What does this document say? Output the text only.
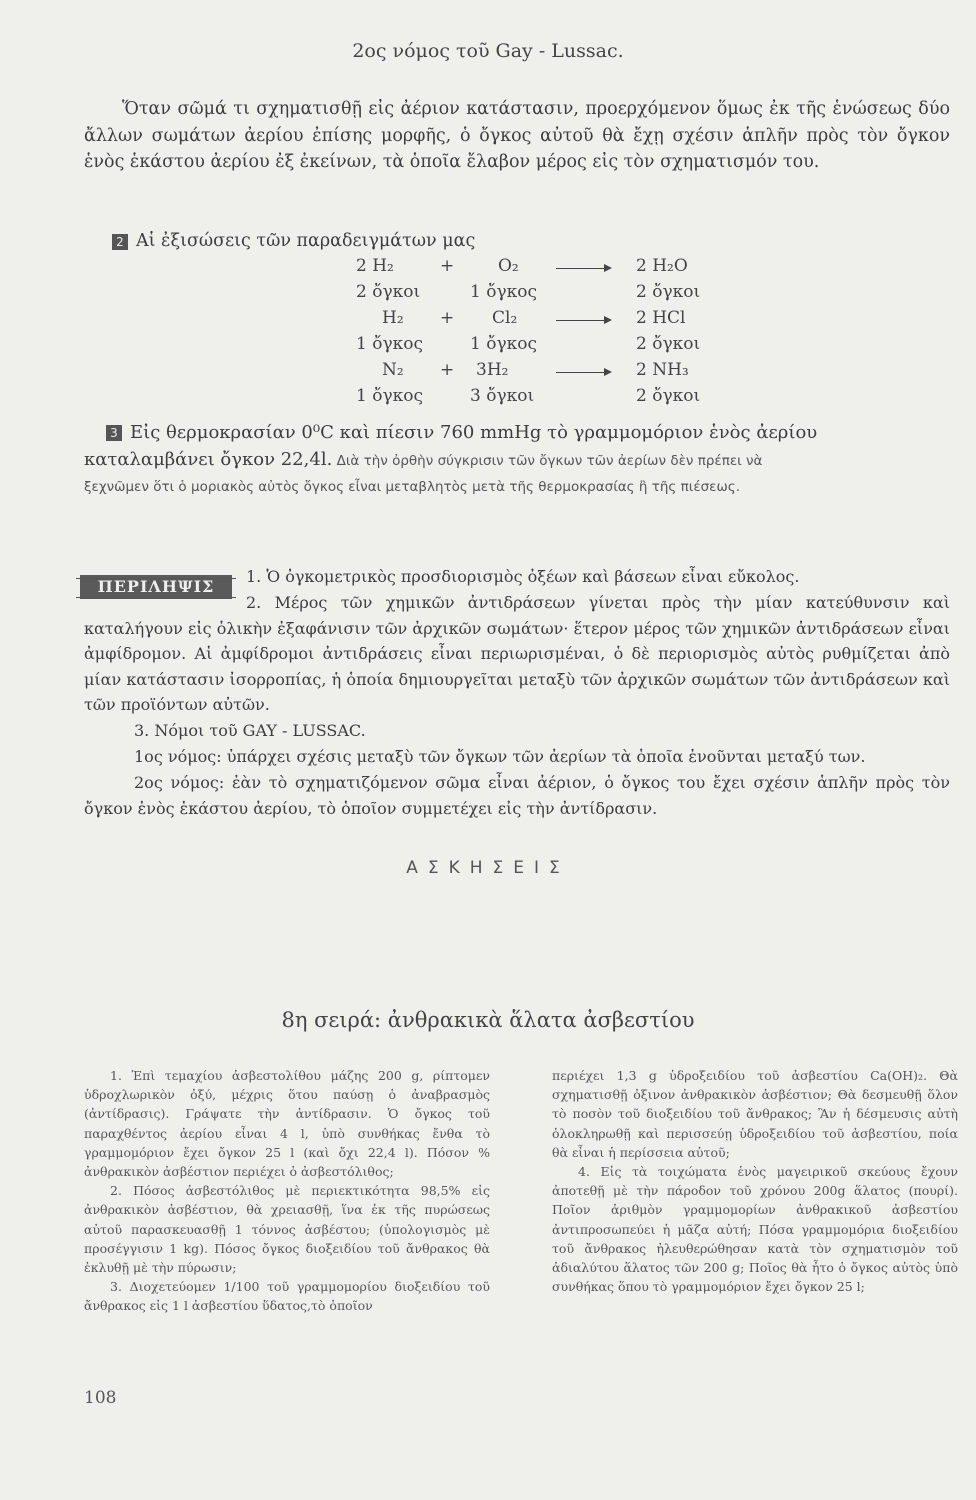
2ος νόμος τοῦ Gay - Lussac.
Ὅταν σῶμά τι σχηματισθῇ εἰς ἀέριον κατάστασιν, προερχόμενον ὅμως ἐκ τῆς ἑνώσεως δύο ἄλλων σωμάτων ἀερίου ἐπίσης μορφῆς, ὁ ὄγκος αὐτοῦ θὰ ἔχῃ σχέσιν ἁπλῆν πρὸς τὸν ὄγκον ἑνὸς ἑκάστου ἀερίου ἐξ ἐκείνων, τὰ ὁποῖα ἔλαβον μέρος εἰς τὸν σχηματισμόν του.
2 Αἱ ἐξισώσεις τῶν παραδειγμάτων μας
2 H₂	+	O₂	2 H₂O
2 ὄγκοι	1 ὄγκος	2 ὄγκοι
H₂ + Cl₂	2 HCl
1 ὄγκος	1 ὄγκος	2 ὄγκοι
N₂ + 3H₂	2 NH₃
1 ὄγκος	3 ὄγκοι	2 ὄγκοι
3 Εἰς θερμοκρασίαν 0⁰C καὶ πίεσιν 760 mmHg τὸ γραμμομόριον ἑνὸς ἀερίου
καταλαμβάνει ὄγκον 22,4l. Διὰ τὴν ὀρθὴν σύγκρισιν τῶν ὄγκων τῶν ἀερίων δὲν πρέπει νὰ
ξεχνῶμεν ὅτι ὁ μοριακὸς αὐτὸς ὄγκος εἶναι μεταβλητὸς μετὰ τῆς θερμοκρασίας ἢ τῆς πιέσεως.
ΠΕΡΙΛΗΨΙΣ
1. Ὁ ὀγκομετρικὸς προσδιορισμὸς ὀξέων καὶ βάσεων εἶναι εὔκολος.
2. Μέρος τῶν χημικῶν ἀντιδράσεων γίνεται πρὸς τὴν μίαν κατεύθυνσιν καὶ καταλήγουν εἰς ὁλικὴν ἐξαφάνισιν τῶν ἀρχικῶν σωμάτων· ἕτερον μέρος τῶν χημικῶν ἀντιδράσεων εἶναι ἀμφίδρομον. Αἱ ἀμφίδρομοι ἀντιδράσεις εἶναι περιωρισμέναι, ὁ δὲ περιορισμὸς αὐτὸς ρυθμίζεται ἀπὸ μίαν κατάστασιν ἰσορροπίας, ἡ ὁποία δημιουργεῖται μεταξὺ τῶν ἀρχικῶν σωμάτων τῶν ἀντιδράσεων καὶ τῶν προϊόντων αὐτῶν.
3. Νόμοι τοῦ GAY - LUSSAC.
1ος νόμος: ὑπάρχει σχέσις μεταξὺ τῶν ὄγκων τῶν ἀερίων τὰ ὁποῖα ἑνοῦνται μεταξύ των.
2ος νόμος: ἐὰν τὸ σχηματιζόμενον σῶμα εἶναι ἀέριον, ὁ ὄγκος του ἔχει σχέσιν ἁπλῆν πρὸς τὸν ὄγκον ἑνὸς ἑκάστου ἀερίου, τὸ ὁποῖον συμμετέχει εἰς τὴν ἀντίδρασιν.
ΑΣΚΗΣΕΙΣ
8η σειρά: ἀνθρακικὰ ἅλατα ἀσβεστίου

1. Ἐπὶ τεμαχίου ἀσβεστολίθου μάζης 200 g, ρίπτομεν ὑδροχλωρικὸν ὀξύ, μέχρις ὅτου παύσῃ ὁ ἀναβρασμὸς (ἀντίδρασις). Γράψατε τὴν ἀντίδρασιν. Ὁ ὄγκος τοῦ παραχθέντος ἀερίου εἶναι 4 l, ὑπὸ συνθήκας ἔνθα τὸ γραμμομόριον ἔχει ὄγκον 25 l (καὶ ὄχι 22,4 l). Πόσον % ἀνθρακικὸν ἀσβέστιον περιέχει ὁ ἀσβεστόλιθος;

2. Πόσος ἀσβεστόλιθος μὲ περιεκτικότητα 98,5% εἰς ἀνθρακικὸν ἀσβέστιον, θὰ χρειασθῇ, ἵνα ἐκ τῆς πυρώσεως αὐτοῦ παρασκευασθῇ 1 τόννος ἀσβέστου; (ὑπολογισμὸς μὲ προσέγγισιν 1 kg). Πόσος ὄγκος διοξειδίου τοῦ ἄνθρακος θὰ ἐκλυθῇ μὲ τὴν πύρωσιν;

3. Διοχετεύομεν 1/100 τοῦ γραμμομορίου διοξειδίου τοῦ ἄνθρακος εἰς 1 l ἀσβεστίου ὕδατος,τὸ ὁποῖον

περιέχει 1,3 g ὑδροξειδίου τοῦ ἀσβεστίου Ca(OH)₂. Θὰ σχηματισθῇ ὀξινον ἀνθρακικὸν ἀσβέστιον; Θὰ δεσμευθῇ ὅλον τὸ ποσὸν τοῦ διοξειδίου τοῦ ἄνθρακος; Ἂν ἡ δέσμευσις αὐτὴ ὁλοκληρωθῇ καὶ περισσεύῃ ὑδροξειδίου τοῦ ἀσβεστίου, ποία θὰ εἶναι ἡ περίσσεια αὐτοῦ;

4. Εἰς τὰ τοιχώματα ἑνὸς μαγειρικοῦ σκεύους ἔχουν ἀποτεθῇ μὲ τὴν πάροδον τοῦ χρόνου 200g ἅλατος (πουρί). Ποῖον ἀριθμὸν γραμμομορίων ἀνθρακικοῦ ἀσβεστίου ἀντιπροσωπεύει ἡ μᾶζα αὐτή; Πόσα γραμμομόρια διοξειδίου τοῦ ἄνθρακος ἠλευθερώθησαν κατὰ τὸν σχηματισμὸν τοῦ ἀδιαλύτου ἅλατος τῶν 200 g; Ποῖος θὰ ἦτο ὁ ὄγκος αὐτὸς ὑπὸ συνθήκας ὅπου τὸ γραμμομόριον ἔχει ὄγκον 25 l;

108
